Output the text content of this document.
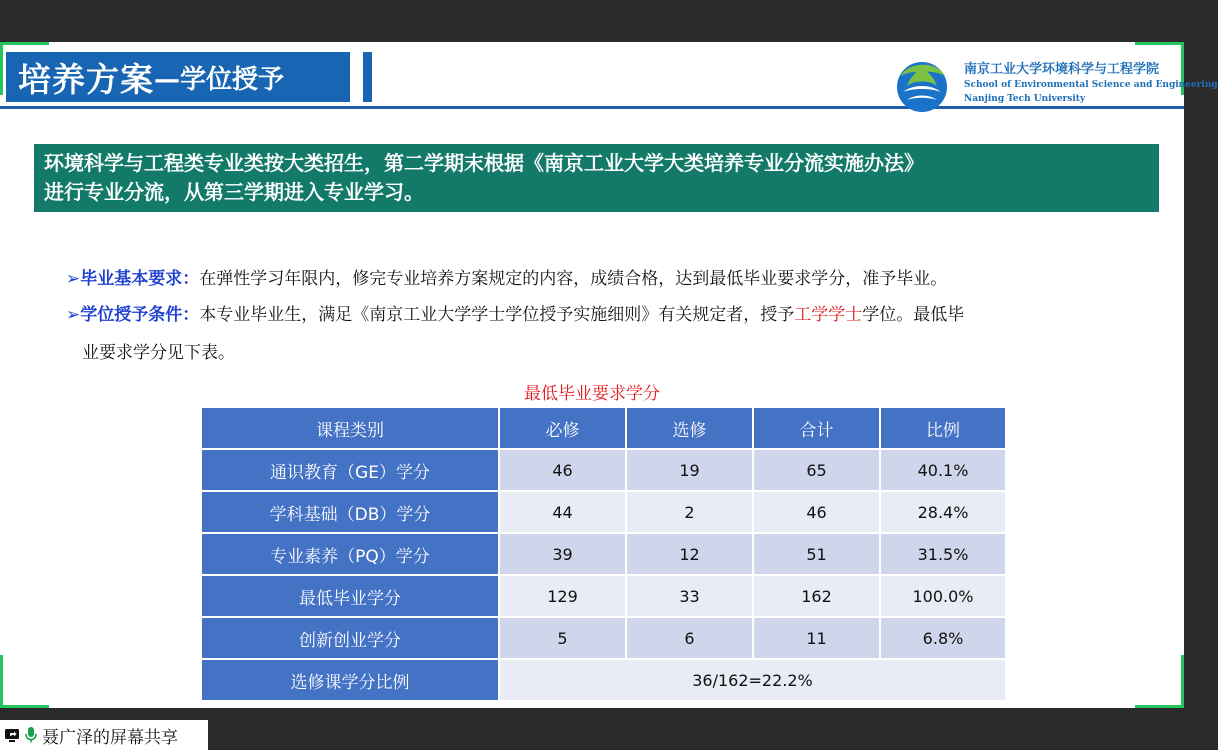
培养方案 —学位授予	南京工业大学环境科学与工程学院
School of Environmental Science and Engineering
Nanjing Tech University
环境科学与工程类专业类按大类招生，第二学期末根据《南京工业大学大类培养专业分流实施办法》
进行专业分流，从第三学期进入专业学习。
➢毕业基本要求：在弹性学习年限内，修完专业培养方案规定的内容，成绩合格，达到最低毕业要求学分，准予毕业。
➢学位授予条件：本专业毕业生，满足《南京工业大学学士学位授予实施细则》有关规定者，授予工学学士学位。最低毕
业要求学分见下表。
最低毕业要求学分
课程类别	必修	选修	合计	比例
通识教育（GE）学分	46	19	65	40.1%
学科基础（DB）学分	44	2	46	28.4%
专业素养（PQ）学分	39	12	51	31.5%
最低毕业学分	129	33	162	100.0%
创新创业学分	5	6	11	6.8%
选修课学分比例	36/162=22.2%			
聂广泽的屏幕共享
